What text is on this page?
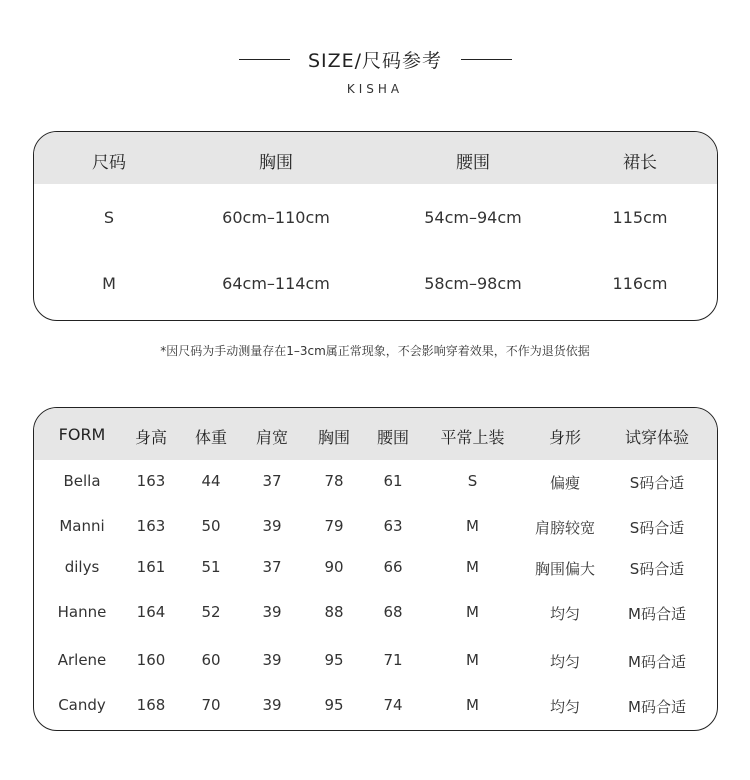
SIZE/尺码参考
KISHA
尺码	胸围	腰围	裙长
S	60cm–110cm	54cm–94cm	115cm
M	64cm–114cm	58cm–98cm	116cm
*因尺码为手动测量存在1–3cm属正常现象，不会影响穿着效果，不作为退货依据
FORM	身高	体重	肩宽	胸围	腰围	平常上装	身形	试穿体验
Bella	163	44	37	78	61	S	偏瘦	S码合适
Manni	163	50	39	79	63	M	肩膀较宽	S码合适
dilys	161	51	37	90	66	M	胸围偏大	S码合适
Hanne	164	52	39	88	68	M	均匀	M码合适
Arlene	160	60	39	95	71	M	均匀	M码合适
Candy	168	70	39	95	74	M	均匀	M码合适
